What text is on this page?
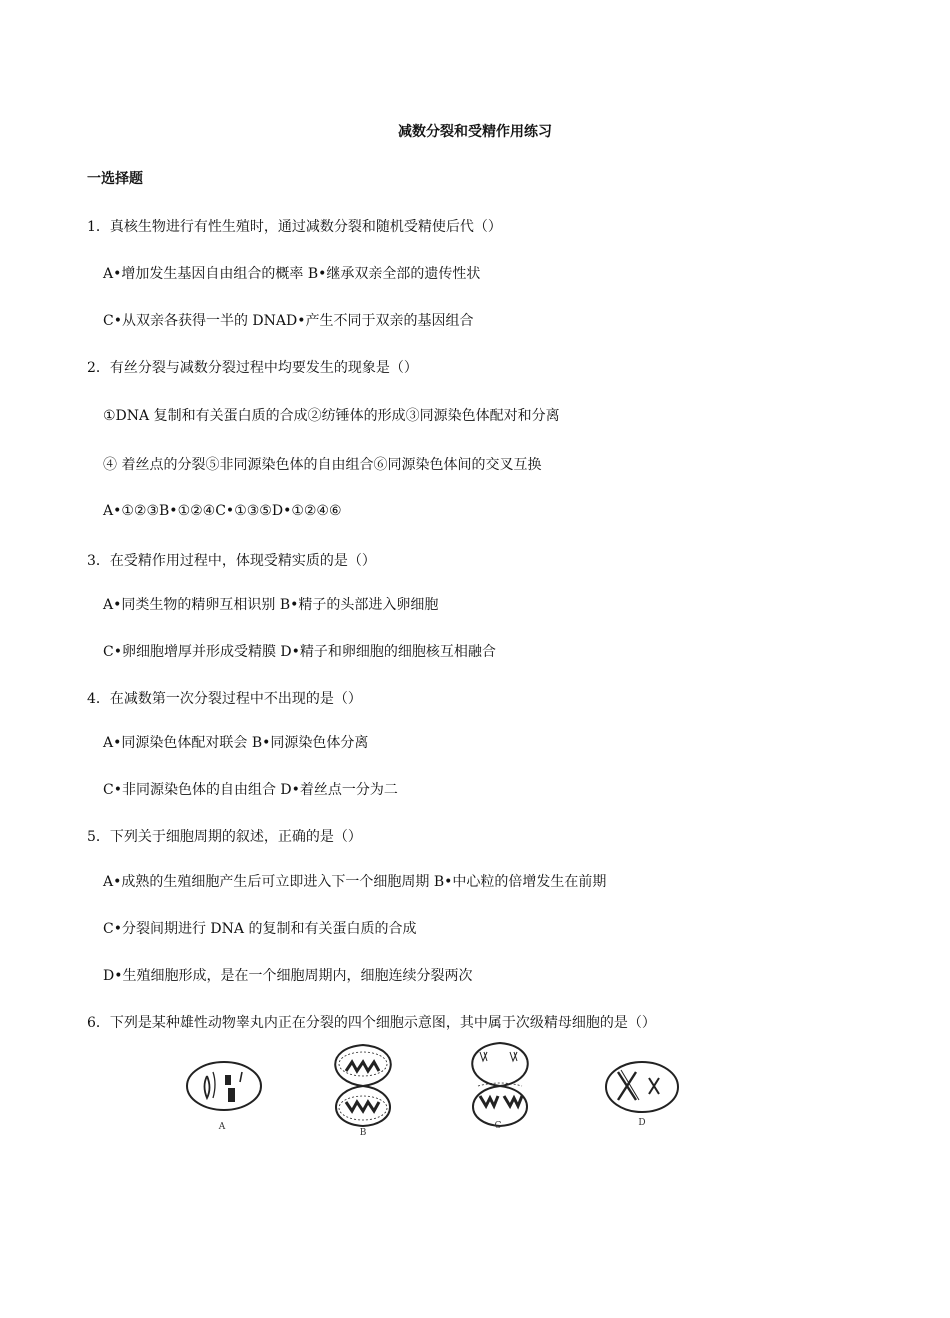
减数分裂和受精作用练习
一选择题
1．真核生物进行有性生殖时，通过减数分裂和随机受精使后代（）
A•增加发生基因自由组合的概率 B•继承双亲全部的遗传性状
C•从双亲各获得一半的 DNAD•产生不同于双亲的基因组合
2．有丝分裂与减数分裂过程中均要发生的现象是（）
①DNA 复制和有关蛋白质的合成②纺锤体的形成③同源染色体配对和分离
④ 着丝点的分裂⑤非同源染色体的自由组合⑥同源染色体间的交叉互换
A•①②③B•①②④C•①③⑤D•①②④⑥
3．在受精作用过程中，体现受精实质的是（）
A•同类生物的精卵互相识别 B•精子的头部进入卵细胞
C•卵细胞增厚并形成受精膜 D•精子和卵细胞的细胞核互相融合
4．在减数第一次分裂过程中不出现的是（）
A•同源染色体配对联会 B•同源染色体分离
C•非同源染色体的自由组合 D•着丝点一分为二
5．下列关于细胞周期的叙述，正确的是（）
A•成熟的生殖细胞产生后可立即进入下一个细胞周期 B•中心粒的倍增发生在前期
C•分裂间期进行 DNA 的复制和有关蛋白质的合成
D•生殖细胞形成，是在一个细胞周期内，细胞连续分裂两次
6．下列是某种雄性动物睾丸内正在分裂的四个细胞示意图，其中属于次级精母细胞的是（）
A
B
C	D
